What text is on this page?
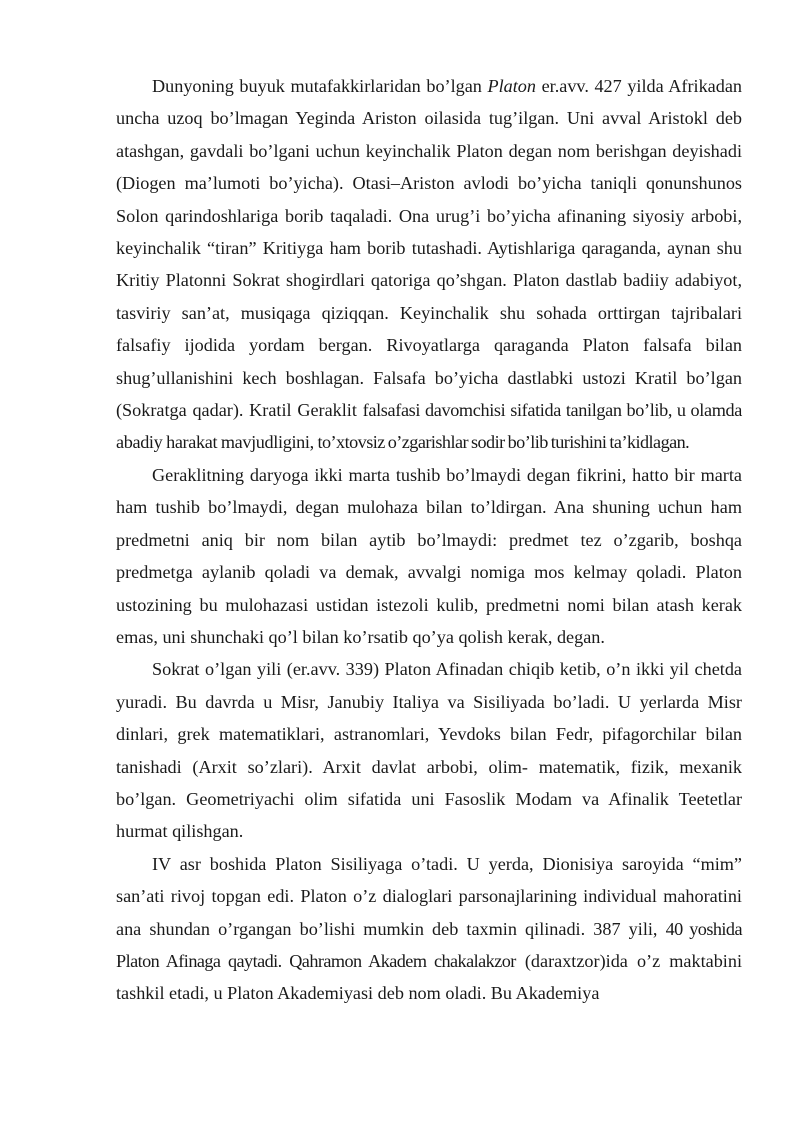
Dunyoning buyuk mutafakkirlaridan bo’lgan Platon er.avv. 427 yilda Afrikadan uncha uzoq bo’lmagan Yeginda Ariston oilasida tug’ilgan. Uni avval Aristokl deb atashgan, gavdali bo’lgani uchun keyinchalik Platon degan nom berishgan deyishadi (Diogen ma’lumoti bo’yicha). Otasi–Ariston avlodi bo’yicha taniqli qonunshunos Solon qarindoshlariga borib taqaladi. Ona urug’i bo’yicha afinaning siyosiy arbobi, keyinchalik “tiran” Kritiyga ham borib tutashadi. Aytishlariga qaraganda, aynan shu Kritiy Platonni Sokrat shogirdlari qatoriga qo’shgan. Platon dastlab badiiy adabiyot, tasviriy san’at, musiqaga qiziqqan. Keyinchalik shu sohada orttirgan tajribalari falsafiy ijodida yordam bergan. Rivoyatlarga qaraganda Platon falsafa bilan shug’ullanishini kech boshlagan. Falsafa bo’yicha dastlabki ustozi Kratil bo’lgan (Sokratga qadar). Kratil Geraklit falsafasi davomchisi sifatida tanilgan bo’lib, u olamda abadiy harakat mavjudligini, to’xtovsiz o’zgarishlar sodir bo’lib turishini ta’kidlagan.

Geraklitning daryoga ikki marta tushib bo’lmaydi degan fikrini, hatto bir marta ham tushib bo’lmaydi, degan mulohaza bilan to’ldirgan. Ana shuning uchun ham predmetni aniq bir nom bilan aytib bo’lmaydi: predmet tez o’zgarib, boshqa predmetga aylanib qoladi va demak, avvalgi nomiga mos kelmay qoladi. Platon ustozining bu mulohazasi ustidan istezoli kulib, predmetni nomi bilan atash kerak emas, uni shunchaki qo’l bilan ko’rsatib qo’ya qolish kerak, degan.

Sokrat o’lgan yili (er.avv. 339) Platon Afinadan chiqib ketib, o’n ikki yil chetda yuradi. Bu davrda u Misr, Janubiy Italiya va Sisiliyada bo’ladi. U yerlarda Misr dinlari, grek matematiklari, astranomlari, Yevdoks bilan Fedr, pifagorchilar bilan tanishadi (Arxit so’zlari). Arxit davlat arbobi, olim- matematik, fizik, mexanik bo’lgan. Geometriyachi olim sifatida uni Fasoslik Modam va Afinalik Teetetlar hurmat qilishgan.

IV asr boshida Platon Sisiliyaga o’tadi. U yerda, Dionisiya saroyida “mim” san’ati rivoj topgan edi. Platon o’z dialoglari parsonajlarining individual mahoratini ana shundan o’rgangan bo’lishi mumkin deb taxmin qilinadi. 387 yili, 40 yoshida Platon Afinaga qaytadi. Qahramon Akadem chakalakzor (daraxtzor)ida o’z maktabini tashkil etadi, u Platon Akademiyasi deb nom oladi. Bu Akademiya
